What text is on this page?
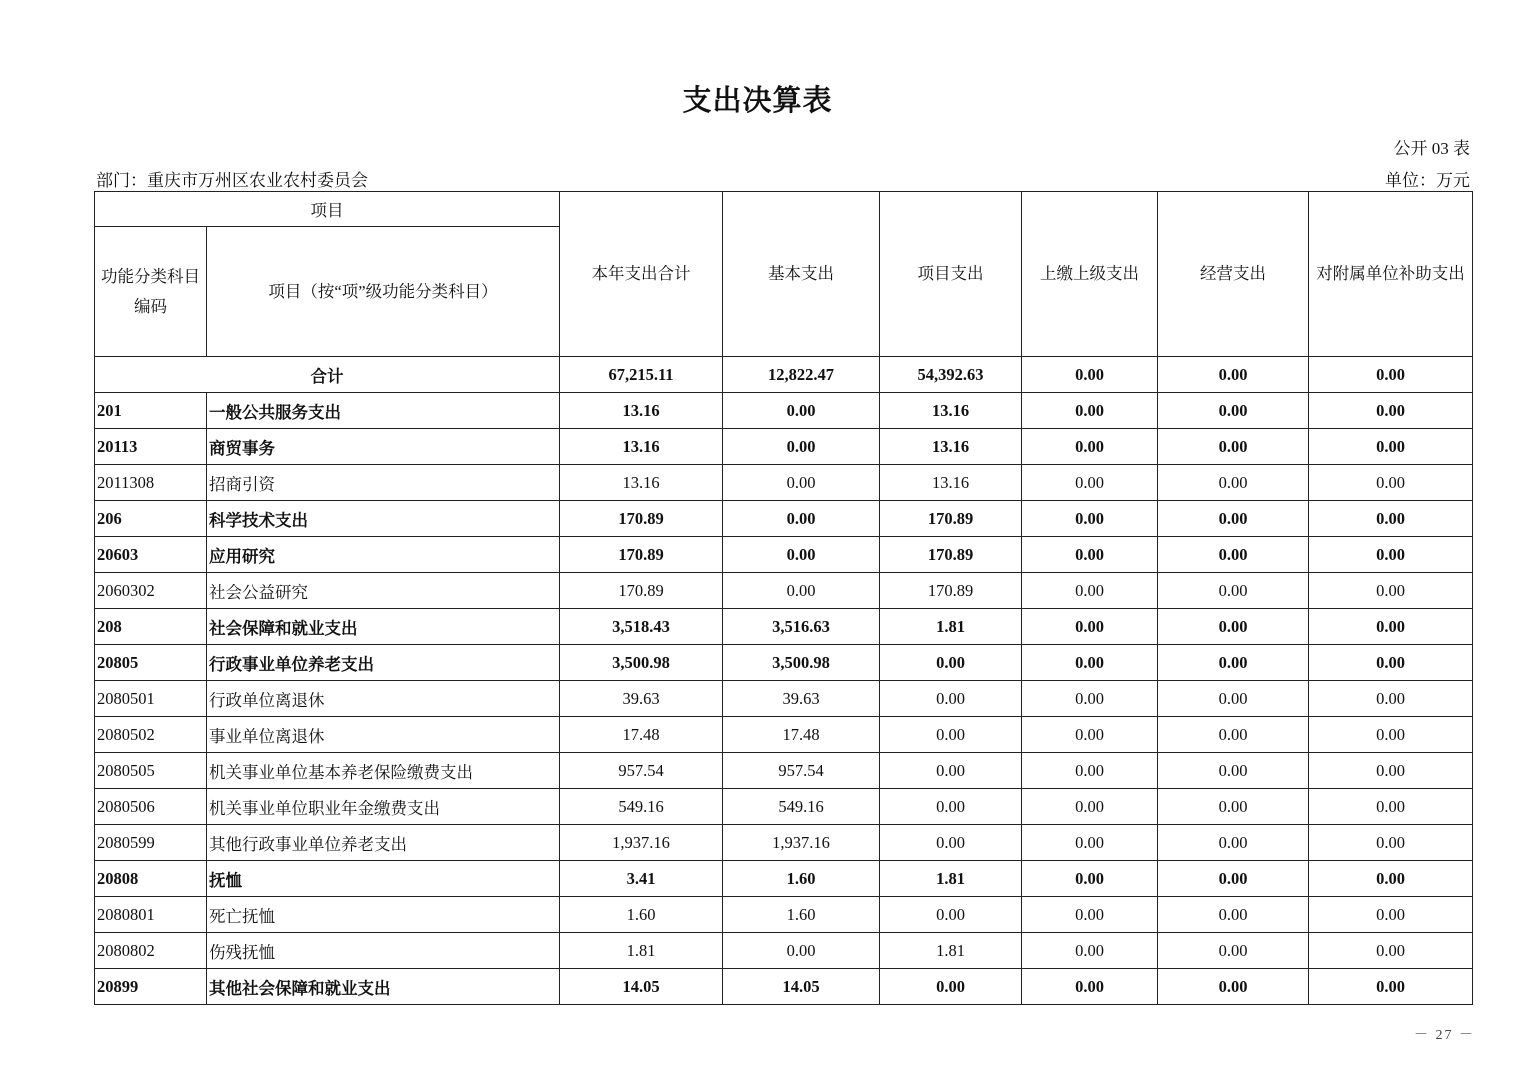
支出决算表
公开 03 表
部门：重庆市万州区农业农村委员会	单位：万元
项目		本年支出合计	基本支出	项目支出	上缴上级支出	经营支出	对附属单位补助支出
功能分类科目编码	项目（按“项”级功能分类科目）						
合计		67,215.11	12,822.47	54,392.63	0.00	0.00	0.00
201	一般公共服务支出	13.16	0.00	13.16	0.00	0.00	0.00
20113	商贸事务	13.16	0.00	13.16	0.00	0.00	0.00
2011308	招商引资	13.16	0.00	13.16	0.00	0.00	0.00
206	科学技术支出	170.89	0.00	170.89	0.00	0.00	0.00
20603	应用研究	170.89	0.00	170.89	0.00	0.00	0.00
2060302	社会公益研究	170.89	0.00	170.89	0.00	0.00	0.00
208	社会保障和就业支出	3,518.43	3,516.63	1.81	0.00	0.00	0.00
20805	行政事业单位养老支出	3,500.98	3,500.98	0.00	0.00	0.00	0.00
2080501	行政单位离退休	39.63	39.63	0.00	0.00	0.00	0.00
2080502	事业单位离退休	17.48	17.48	0.00	0.00	0.00	0.00
2080505	机关事业单位基本养老保险缴费支出	957.54	957.54	0.00	0.00	0.00	0.00
2080506	机关事业单位职业年金缴费支出	549.16	549.16	0.00	0.00	0.00	0.00
2080599	其他行政事业单位养老支出	1,937.16	1,937.16	0.00	0.00	0.00	0.00
20808	抚恤	3.41	1.60	1.81	0.00	0.00	0.00
2080801	死亡抚恤	1.60	1.60	0.00	0.00	0.00	0.00
2080802	伤残抚恤	1.81	0.00	1.81	0.00	0.00	0.00
20899	其他社会保障和就业支出	14.05	14.05	0.00	0.00	0.00	0.00
－ 27 －
